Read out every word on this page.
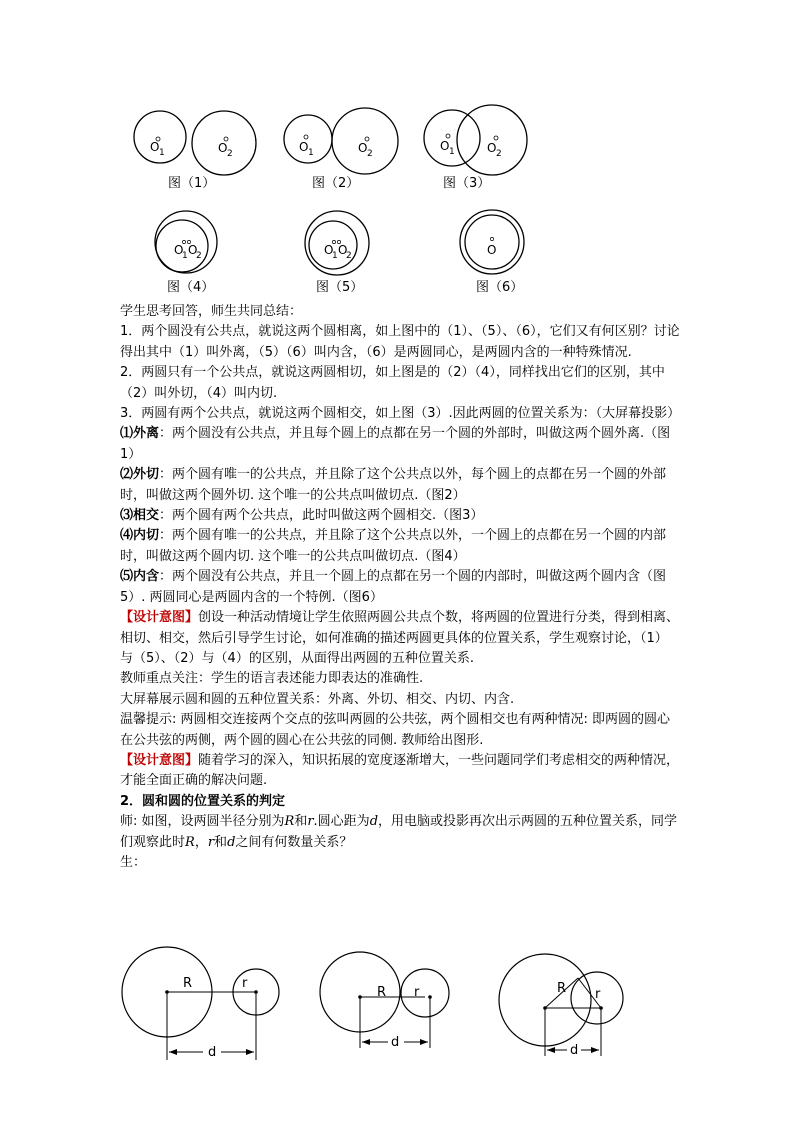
O 1	O 2
图（1）
O 1	O 2
图（2）
O 1	O 2
图（3）
O
1 O
2
图（4）
O
1 O
2
图（5）
O
图（6）

学生思考回答，师生共同总结：

1．两个圆没有公共点，就说这两个圆相离，如上图中的（1）、（5）、（6），它们又有何区别？讨论得出其中（1）叫外离，（5）（6）叫内含，（6）是两圆同心，是两圆内含的一种特殊情况.

2．两圆只有一个公共点，就说这两圆相切，如上图是的（2）（4），同样找出它们的区别，其中（2）叫外切，（4）叫内切.

3．两圆有两个公共点，就说这两个圆相交，如上图（3）.因此两圆的位置关系为：（大屏幕投影）

⑴外离：两个圆没有公共点，并且每个圆上的点都在另一个圆的外部时，叫做这两个圆外离.（图1）

⑵外切：两个圆有唯一的公共点，并且除了这个公共点以外，每个圆上的点都在另一个圆的外部时，叫做这两个圆外切. 这个唯一的公共点叫做切点.（图2）

⑶相交：两个圆有两个公共点，此时叫做这两个圆相交.（图3）

⑷内切：两个圆有唯一的公共点，并且除了这个公共点以外，一个圆上的点都在另一个圆的内部时，叫做这两个圆内切. 这个唯一的公共点叫做切点.（图4）

⑸内含：两个圆没有公共点，并且一个圆上的点都在另一个圆的内部时，叫做这两个圆内含（图5）. 两圆同心是两圆内含的一个特例.（图6）

【设计意图】创设一种活动情境让学生依照两圆公共点个数，将两圆的位置进行分类，得到相离、相切、相交，然后引导学生讨论，如何准确的描述两圆更具体的位置关系，学生观察讨论，（1）与（5）、（2）与（4）的区别，从面得出两圆的五种位置关系.

教师重点关注：学生的语言表述能力即表达的准确性.

大屏幕展示圆和圆的五种位置关系：外离、外切、相交、内切、内含.

温馨提示: 两圆相交连接两个交点的弦叫两圆的公共弦，两个圆相交也有两种情况: 即两圆的圆心在公共弦的两侧，两个圆的圆心在公共弦的同侧. 教师给出图形.

【设计意图】随着学习的深入，知识拓展的宽度逐渐增大，一些问题同学们考虑相交的两种情况，才能全面正确的解决问题.

2．圆和圆的位置关系的判定

师: 如图，设两圆半径分别为R和r.圆心距为d，用电脑或投影再次出示两圆的五种位置关系，同学们观察此时R，r和d之间有何数量关系？

生：

R	r
d
R r
d
R r
d
